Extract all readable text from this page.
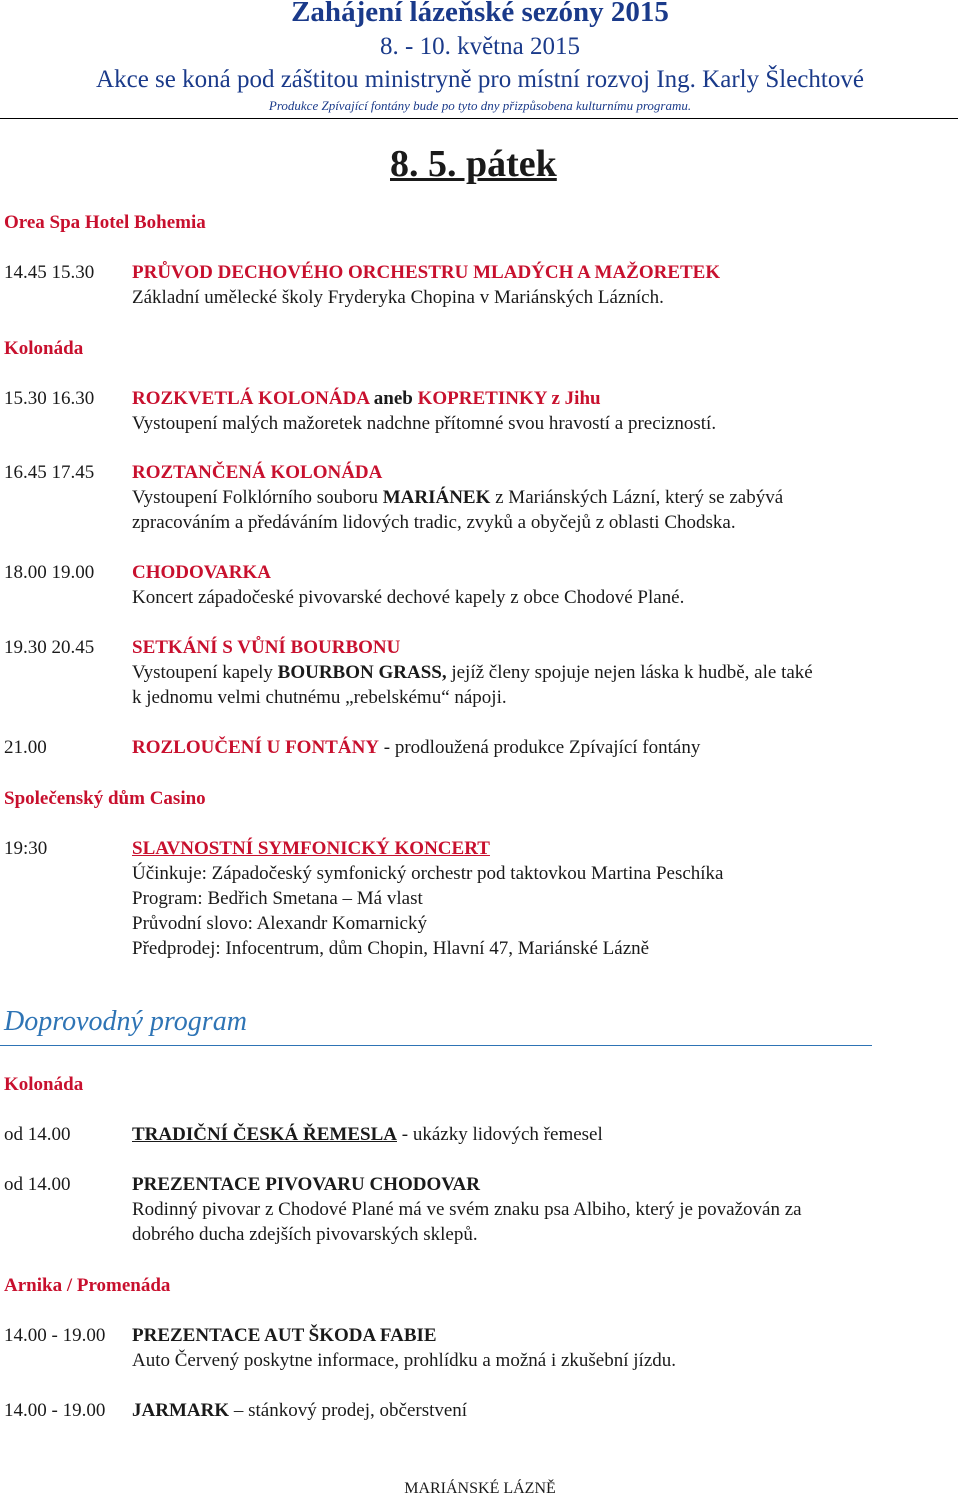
Zahájení lázeňské sezóny 2015
8. - 10. května 2015
Akce se koná pod záštitou ministryně pro místní rozvoj Ing. Karly Šlechtové
Produkce Zpívající fontány bude po tyto dny přizpůsobena kulturnímu programu.
8. 5. pátek
Orea Spa Hotel Bohemia
14.45 15.30 PRŮVOD DECHOVÉHO ORCHESTRU MLADÝCH A MAŽORETEK
Základní umělecké školy Fryderyka Chopina v Mariánských Lázních.
Kolonáda
15.30 16.30 ROZKVETLÁ KOLONÁDA aneb KOPRETINKY z Jihu
Vystoupení malých mažoretek nadchne přítomné svou hravostí a precizností.
16.45 17.45 ROZTANČENÁ KOLONÁDA
Vystoupení Folklórního souboru MARIÁNEK z Mariánských Lázní, který se zabývá
zpracováním a předáváním lidových tradic, zvyků a obyčejů z oblasti Chodska.
18.00 19.00 CHODOVARKA
Koncert západočeské pivovarské dechové kapely z obce Chodové Plané.
19.30 20.45 SETKÁNÍ S VŮNÍ BOURBONU
Vystoupení kapely BOURBON GRASS, jejíž členy spojuje nejen láska k hudbě, ale také
k jednomu velmi chutnému „rebelskému“ nápoji.
21.00	ROZLOUČENÍ U FONTÁNY - prodloužená produkce Zpívající fontány
Společenský dům Casino
19:30	SLAVNOSTNÍ SYMFONICKÝ KONCERT
Účinkuje: Západočeský symfonický orchestr pod taktovkou Martina Peschíka
Program: Bedřich Smetana – Má vlast
Průvodní slovo: Alexandr Komarnický
Předprodej: Infocentrum, dům Chopin, Hlavní 47, Mariánské Lázně
Doprovodný program
Kolonáda
od 14.00	TRADIČNÍ ČESKÁ ŘEMESLA - ukázky lidových řemesel
od 14.00	PREZENTACE PIVOVARU CHODOVAR
Rodinný pivovar z Chodové Plané má ve svém znaku psa Albiho, který je považován za
dobrého ducha zdejších pivovarských sklepů.
Arnika / Promenáda
14.00 - 19.00 PREZENTACE AUT ŠKODA FABIE
Auto Červený poskytne informace, prohlídku a možná i zkušební jízdu.
14.00 - 19.00 JARMARK – stánkový prodej, občerstvení
MARIÁNSKÉ LÁZNĚ
